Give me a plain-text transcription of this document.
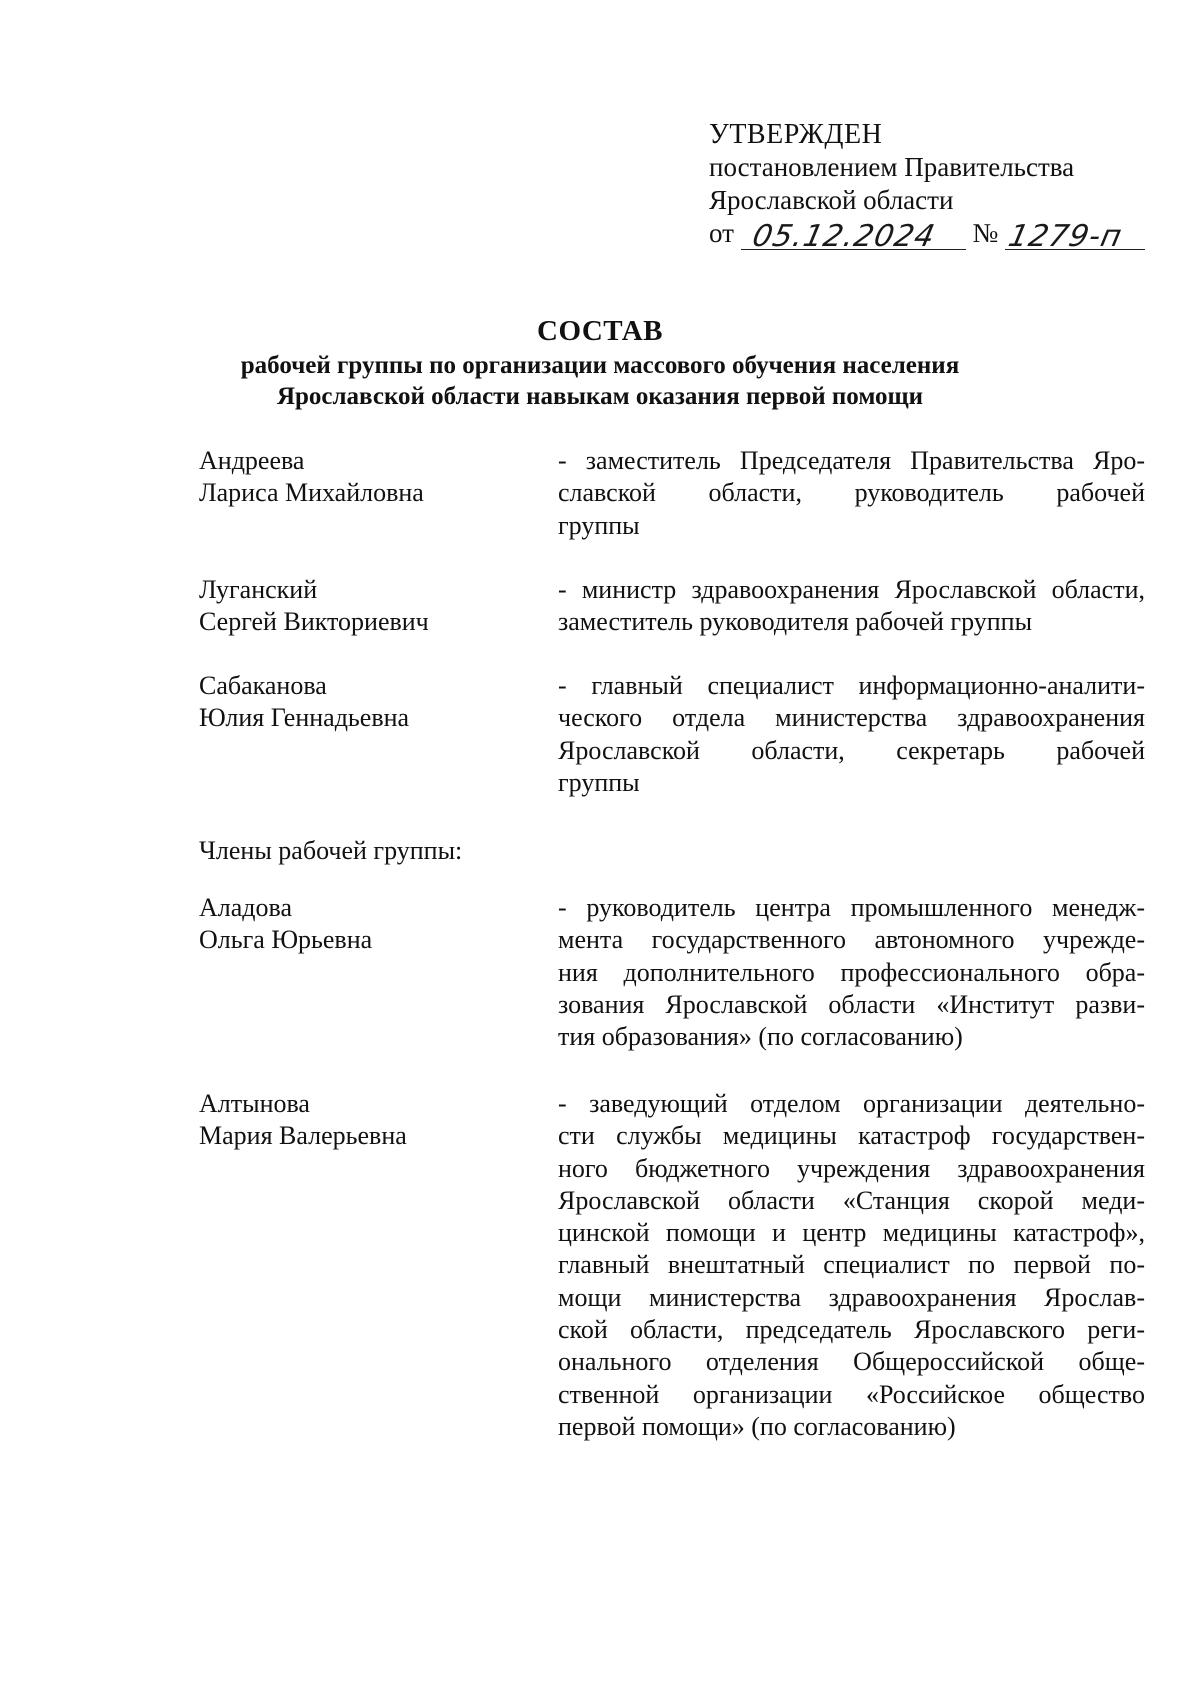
УТВЕРЖДЕН
постановлением Правительства
Ярославской области
от 05.12.2024 № 1279-п
СОСТАВ
рабочей группы по организации массового обучения населения
Ярославской области навыкам оказания первой помощи
Андреева
Лариса Михайловна
- заместитель Председателя Правительства Яро-
славской области, руководитель рабочей
группы
Луганский
Сергей Викториевич
- министр здравоохранения Ярославской области,
заместитель руководителя рабочей группы
Сабаканова
Юлия Геннадьевна
- главный специалист информационно-аналити-
ческого отдела министерства здравоохранения
Ярославской области, секретарь рабочей
группы
Члены рабочей группы:
Аладова
Ольга Юрьевна
- руководитель центра промышленного менедж-
мента государственного автономного учрежде-
ния дополнительного профессионального обра-
зования Ярославской области «Институт разви-
тия образования» (по согласованию)
Алтынова
Мария Валерьевна
- заведующий отделом организации деятельно-
сти службы медицины катастроф государствен-
ного бюджетного учреждения здравоохранения
Ярославской области «Станция скорой меди-
цинской помощи и центр медицины катастроф»,
главный внештатный специалист по первой по-
мощи министерства здравоохранения Ярослав-
ской области, председатель Ярославского реги-
онального отделения Общероссийской обще-
ственной организации «Российское общество
первой помощи» (по согласованию)
